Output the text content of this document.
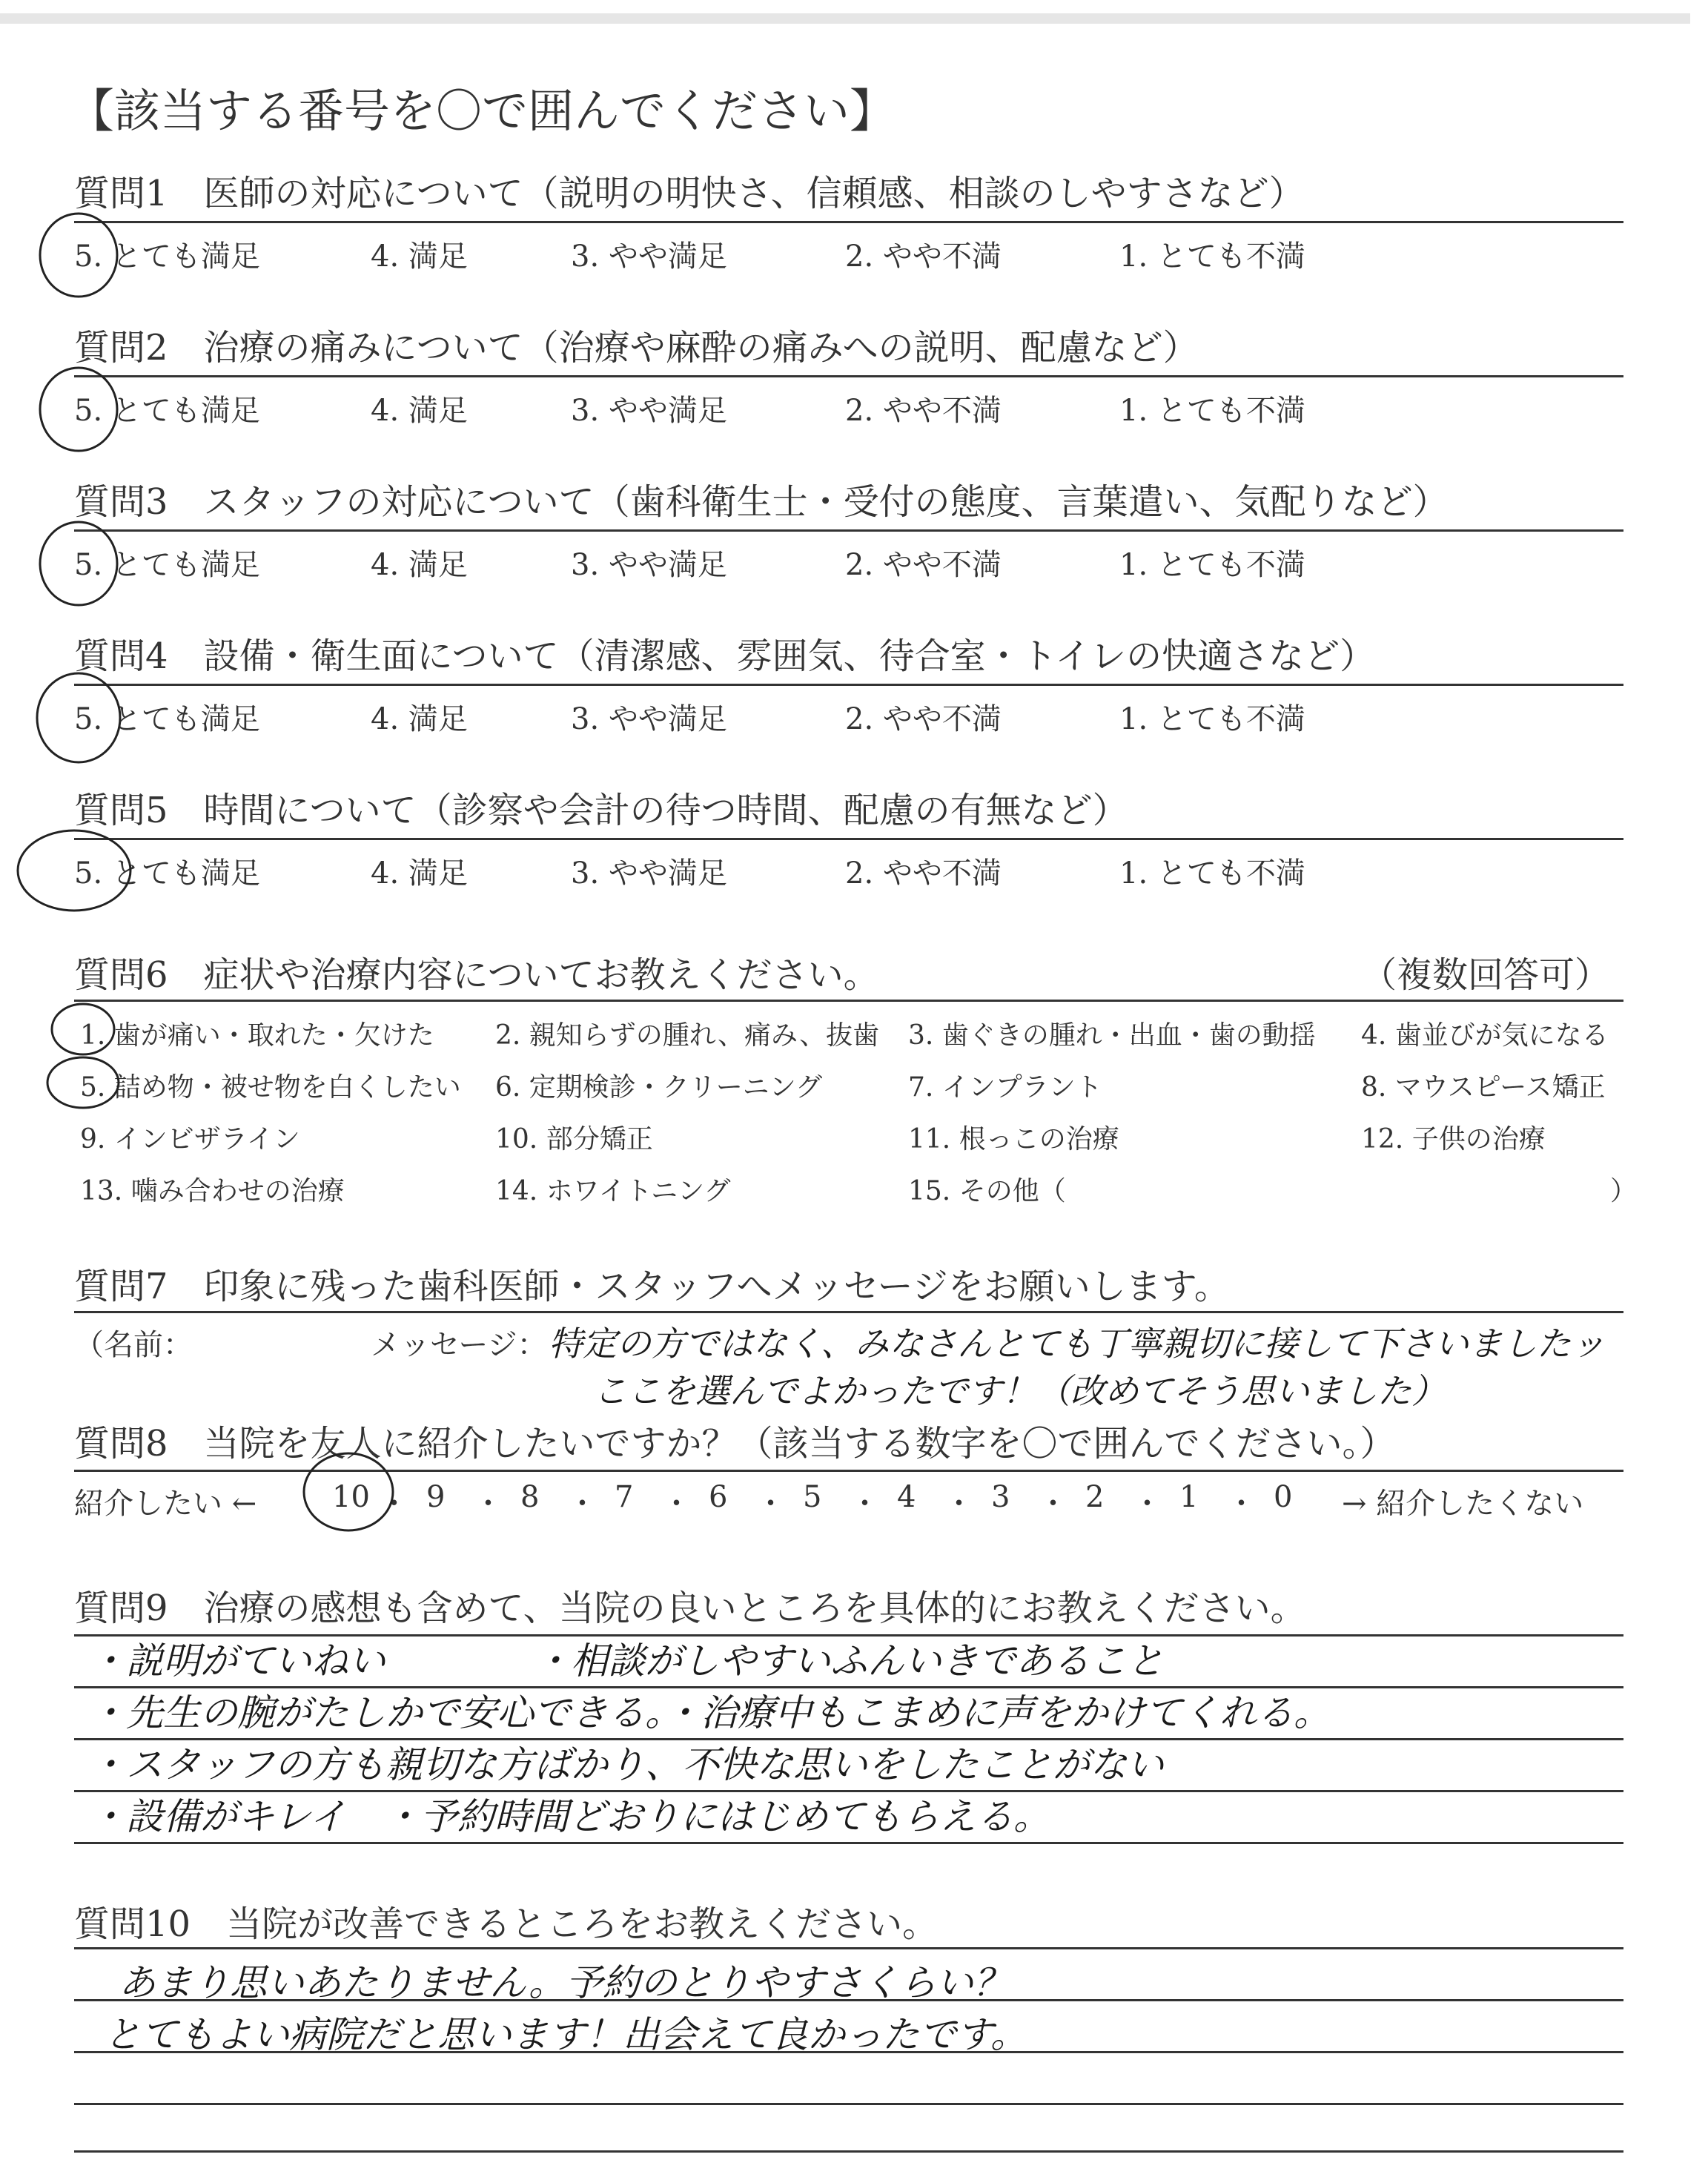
【該当する番号を〇で囲んでください】
質問1　医師の対応について（説明の明快さ、信頼感、相談のしやすさなど）
5. とても満足	4. 満足	3. やや満足	2. やや不満	1. とても不満
質問2　治療の痛みについて（治療や麻酔の痛みへの説明、配慮など）
5. とても満足	4. 満足	3. やや満足	2. やや不満	1. とても不満
質問3　スタッフの対応について（歯科衛生士・受付の態度、言葉遣い、気配りなど）
5. とても満足	4. 満足	3. やや満足	2. やや不満	1. とても不満
質問4　設備・衛生面について（清潔感、雰囲気、待合室・トイレの快適さなど）
5. とても満足	4. 満足	3. やや満足	2. やや不満	1. とても不満
質問5　時間について（診察や会計の待つ時間、配慮の有無など）
5. とても満足	4. 満足	3. やや満足	2. やや不満	1. とても不満
質問6　症状や治療内容についてお教えください。	（複数回答可）
1. 歯が痛い・取れた・欠けた 2. 親知らずの腫れ、痛み、抜歯 3. 歯ぐきの腫れ・出血・歯の動揺 4. 歯並びが気になる
5. 詰め物・被せ物を白くしたい 6. 定期検診・クリーニング	7. インプラント	8. マウスピース矯正
9. インビザライン	10. 部分矯正	11. 根っこの治療	12. 子供の治療
13. 噛み合わせの治療	14. ホワイトニング	15. その他（	）
質問7　印象に残った歯科医師・スタッフへメッセージをお願いします。
（名前：	メッセージ： 特定の方ではなく、みなさんとても丁寧親切に接して下さいましたッ
ここを選んでよかったです！（改めてそう思いました）
質問8　当院を友人に紹介したいですか？（該当する数字を〇で囲んでください。）
紹介したい ←	10 ・ 9 ・ 8 ・ 7 ・ 6 ・ 5 ・ 4 ・ 3 ・ 2 ・ 1 ・ 0 → 紹介したくない
質問9　治療の感想も含めて、当院の良いところを具体的にお教えください。
・説明がていねい　　　　・相談がしやすいふんいきであること
・先生の腕がたしかで安心できる。・治療中もこまめに声をかけてくれる。
・スタッフの方も親切な方ばかり、不快な思いをしたことがない
・設備がキレイ　・予約時間どおりにはじめてもらえる。
質問10　当院が改善できるところをお教えください。
あまり思いあたりません。予約のとりやすさくらい？
とてもよい病院だと思います！出会えて良かったです。
